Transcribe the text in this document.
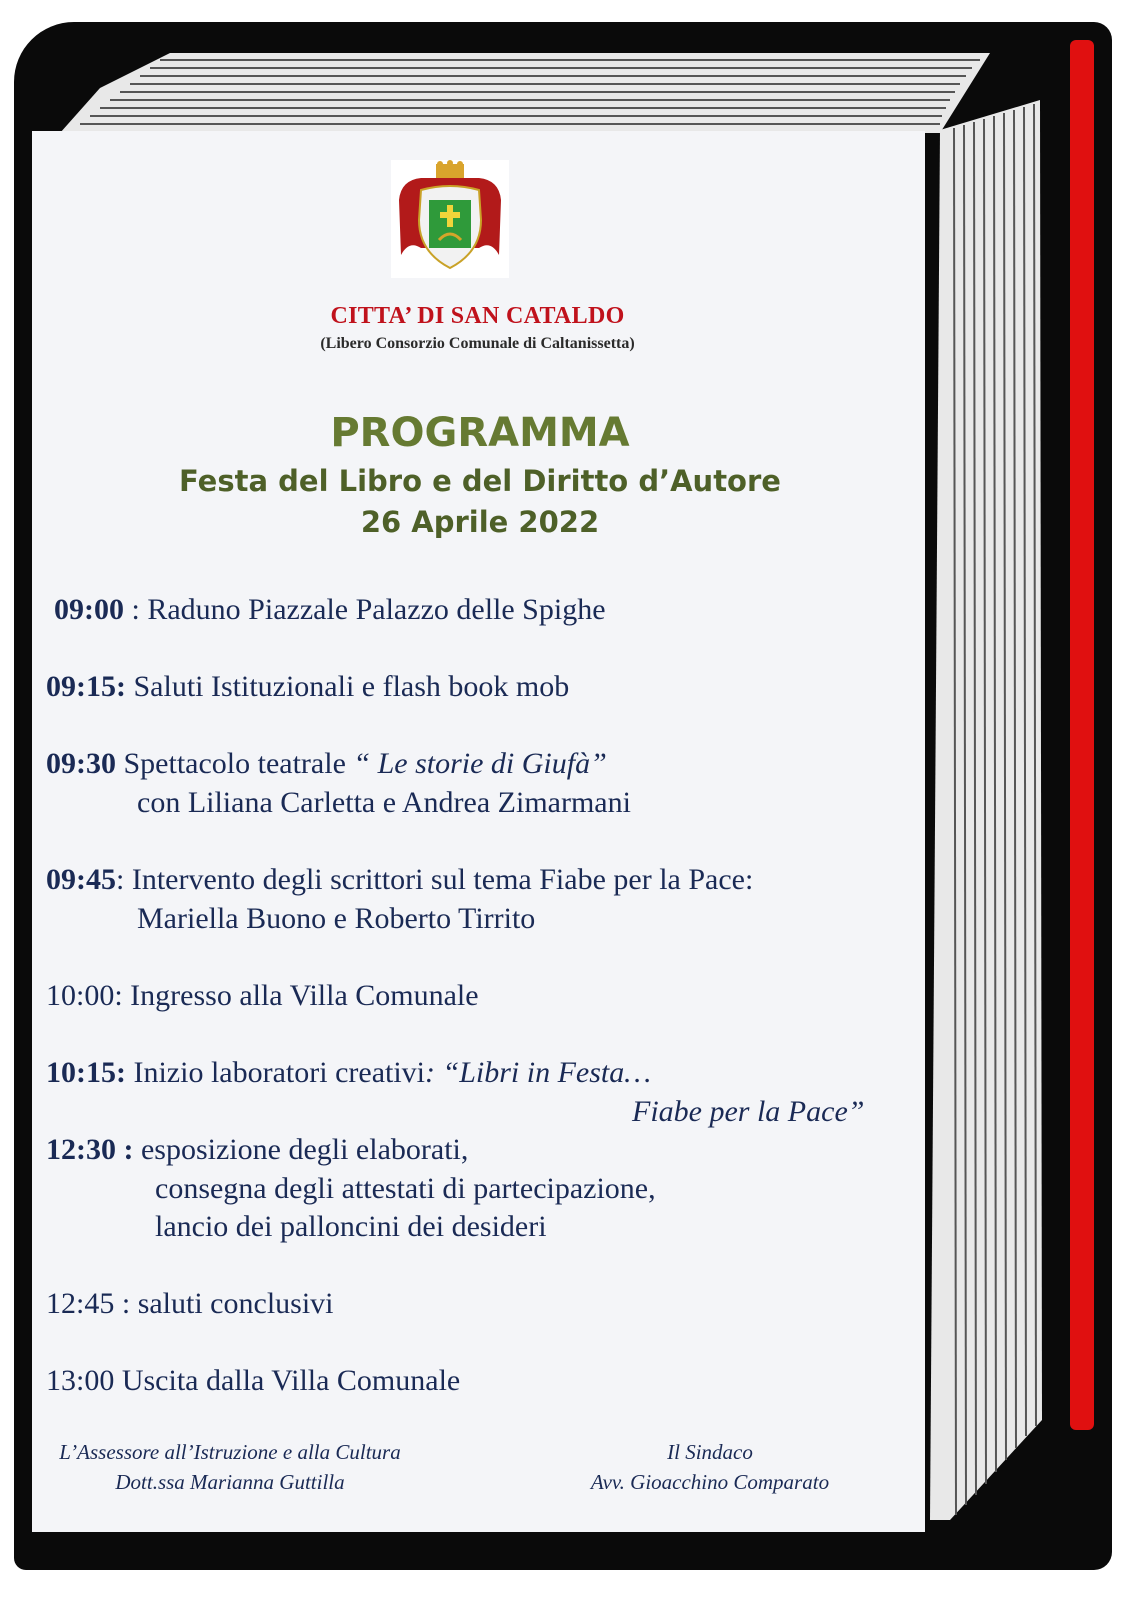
CITTA’ DI SAN CATALDO
(Libero Consorzio Comunale di Caltanissetta)
PROGRAMMA
Festa del Libro e del Diritto d’Autore
26 Aprile 2022
09:00 : Raduno Piazzale Palazzo delle Spighe
09:15: Saluti Istituzionali e flash book mob
09:30 Spettacolo teatrale “ Le storie di Giufà”
con Liliana Carletta e Andrea Zimarmani
09:45: Intervento degli scrittori sul tema Fiabe per la Pace:
Mariella Buono e Roberto Tirrito
10:00: Ingresso alla Villa Comunale
10:15: Inizio laboratori creativi: “Libri in Festa…
Fiabe per la Pace”
12:30 : esposizione degli elaborati,
consegna degli attestati di partecipazione,
lancio dei palloncini dei desideri
12:45 : saluti conclusivi
13:00 Uscita dalla Villa Comunale
L’Assessore all’Istruzione e alla Cultura
Dott.ssa Marianna Guttilla
Il Sindaco
Avv. Gioacchino Comparato
